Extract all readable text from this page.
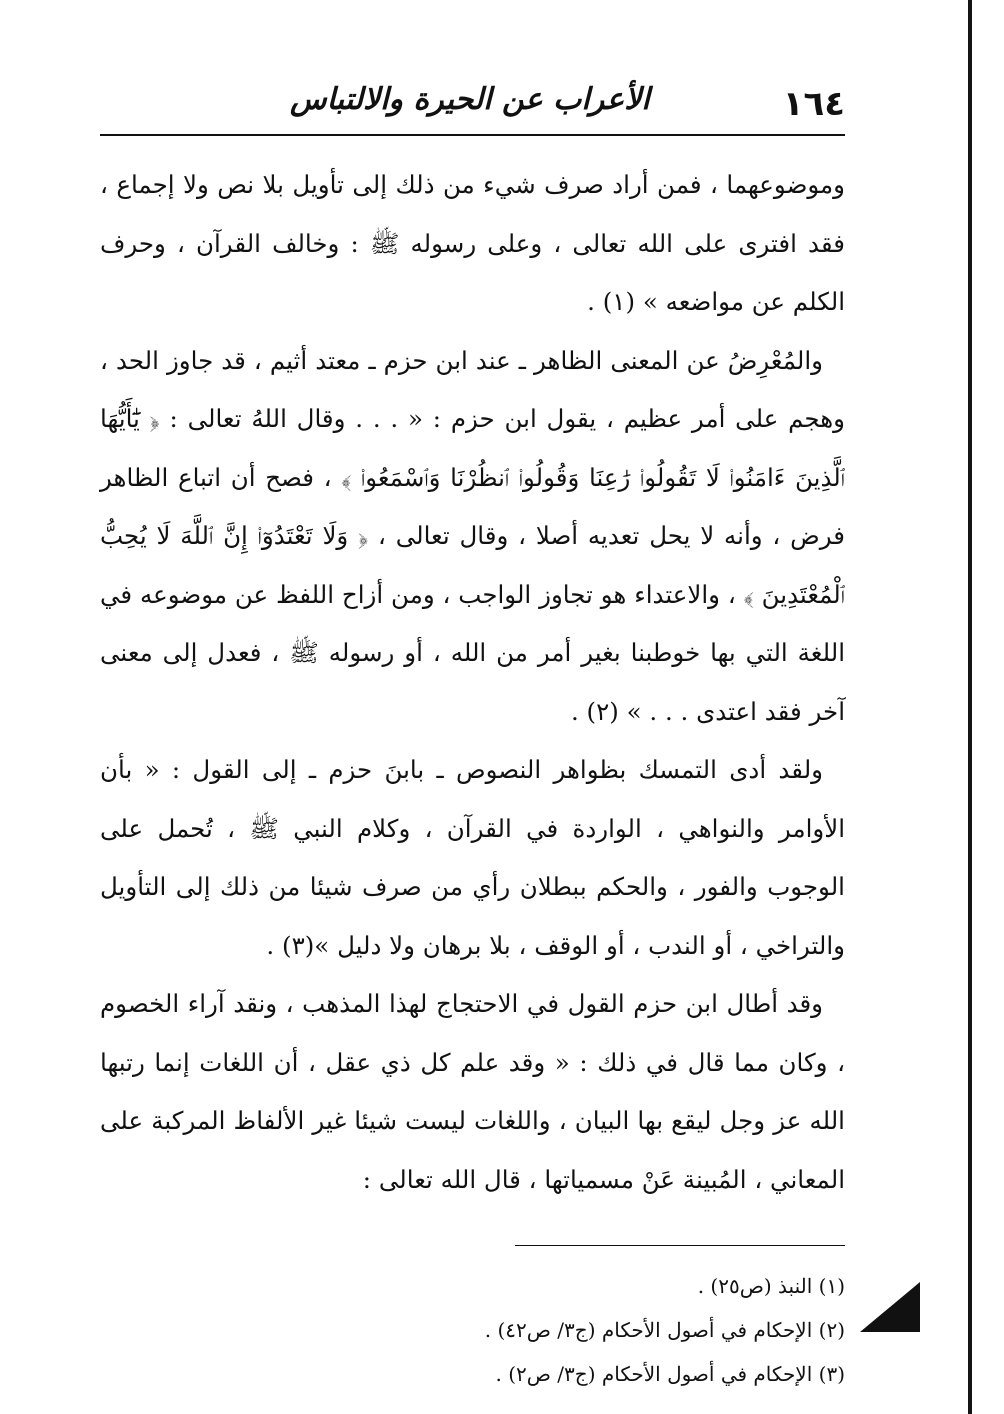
١٦٤
الأعراب عن الحيرة والالتباس

وموضوعهما ، فمن أراد صرف شيء من ذلك إلى تأويل بلا نص ولا إجماع ، فقد افترى على الله تعالى ، وعلى رسوله ﷺ : وخالف القرآن ، وحرف الكلم عن مواضعه » (١) .

والمُعْرِضُ عن المعنى الظاهر ـ عند ابن حزم ـ معتد أثيم ، قد جاوز الحد ، وهجم على أمر عظيم ، يقول ابن حزم : « . . . وقال اللهُ تعالى : ﴿ يَٰٓأَيُّهَا ٱلَّذِينَ ءَامَنُوا۟ لَا تَقُولُوا۟ رَٰعِنَا وَقُولُوا۟ ٱنظُرْنَا وَٱسْمَعُوا۟ ﴾ ، فصح أن اتباع الظاهر فرض ، وأنه لا يحل تعديه أصلا ، وقال تعالى ، ﴿ وَلَا تَعْتَدُوٓا۟ إِنَّ ٱللَّهَ لَا يُحِبُّ ٱلْمُعْتَدِينَ ﴾ ، والاعتداء هو تجاوز الواجب ، ومن أزاح اللفظ عن موضوعه في اللغة التي بها خوطبنا بغير أمر من الله ، أو رسوله ﷺ ، فعدل إلى معنى آخر فقد اعتدى . . . » (٢) .

ولقد أدى التمسك بظواهر النصوص ـ بابنَ حزم ـ إلى القول : « بأن الأوامر والنواهي ، الواردة في القرآن ، وكلام النبي ﷺ ، تُحمل على الوجوب والفور ، والحكم ببطلان رأي من صرف شيئا من ذلك إلى التأويل والتراخي ، أو الندب ، أو الوقف ، بلا برهان ولا دليل »(٣) .

وقد أطال ابن حزم القول في الاحتجاج لهذا المذهب ، ونقد آراء الخصوم ، وكان مما قال في ذلك : « وقد علم كل ذي عقل ، أن اللغات إنما رتبها الله عز وجل ليقع بها البيان ، واللغات ليست شيئا غير الألفاظ المركبة على المعاني ، المُبينة عَنْ مسمياتها ، قال الله تعالى :

(١) النبذ (ص٢٥) .

(٢) الإحكام في أصول الأحكام (ج٣/ ص٤٢) .

(٣) الإحكام في أصول الأحكام (ج٣/ ص٢) .
